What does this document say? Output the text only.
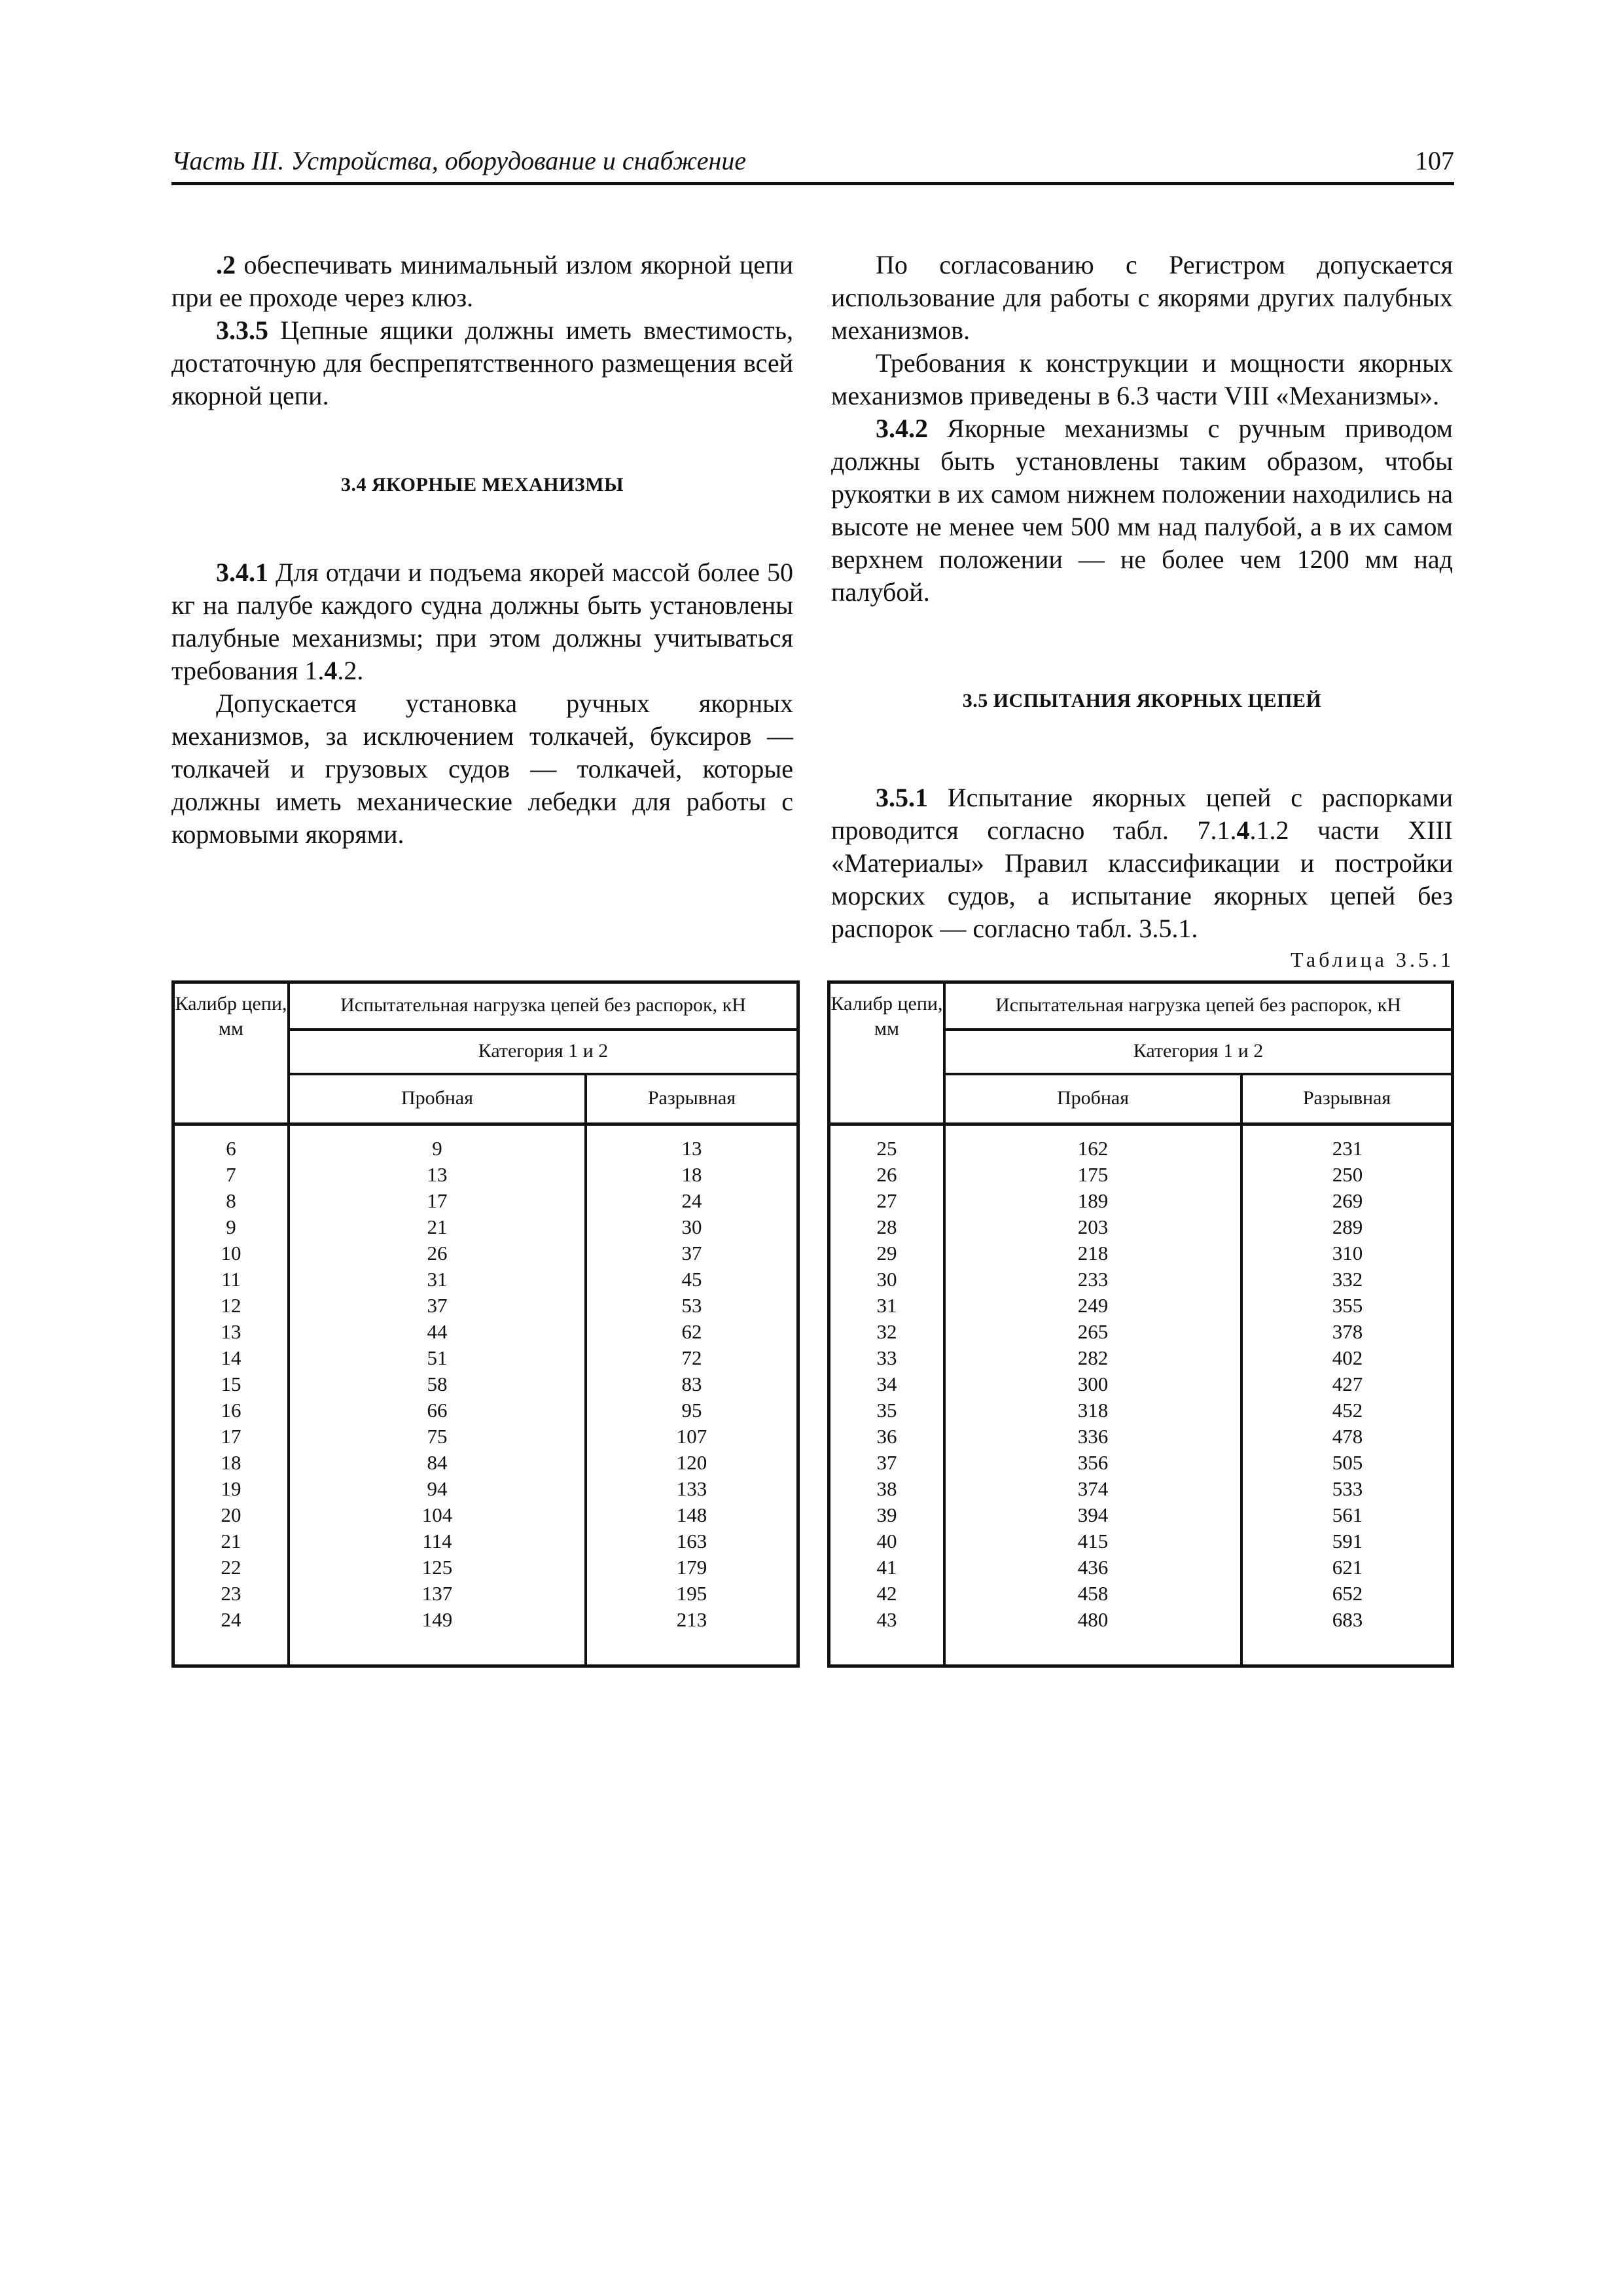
Часть III. Устройства, оборудование и снабжение	107

.2 обеспечивать минимальный излом якорной цепи при ее проходе через клюз.

3.3.5 Цепные ящики должны иметь вместимость, достаточную для беспрепятственного размещения всей якорной цепи.

3.4 ЯКОРНЫЕ МЕХАНИЗМЫ

3.4.1 Для отдачи и подъема якорей массой более 50 кг на палубе каждого судна должны быть установлены палубные механизмы; при этом должны учитываться требования 1.4.2.

Допускается установка ручных якорных механизмов, за исключением толкачей, буксиров — толкачей и грузовых судов — толкачей, которые должны иметь механические лебедки для работы с кормовыми якорями.

По согласованию с Регистром допускается использование для работы с якорями других палубных механизмов.

Требования к конструкции и мощности якорных механизмов приведены в 6.3 части VIII «Механизмы».

3.4.2 Якорные механизмы с ручным приводом должны быть установлены таким образом, чтобы рукоятки в их самом нижнем положении находились на высоте не менее чем 500 мм над палубой, а в их самом верхнем положении — не более чем 1200 мм над палубой.

3.5 ИСПЫТАНИЯ ЯКОРНЫХ ЦЕПЕЙ

3.5.1 Испытание якорных цепей с распорками проводится согласно табл. 7.1.4.1.2 части XIII «Материалы» Правил классификации и постройки морских судов, а испытание якорных цепей без распорок — согласно табл. 3.5.1.

Таблица 3.5.1
Калибр цепи, мм
Испытательная нагрузка цепей без распорок, кН
Категория 1 и 2
Пробная	Разрывная
6	9	13
7	13	18
8	17	24
9	21	30
10	26	37
11	31	45
12	37	53
13	44	62
14	51	72
15	58	83
16	66	95
17	75	107
18	84	120
19	94	133
20	104	148
21	114	163
22	125	179
23	137	195
24	149	213
Калибр цепи, мм
Испытательная нагрузка цепей без распорок, кН
Категория 1 и 2
Пробная	Разрывная
25	162	231
26	175	250
27	189	269
28	203	289
29	218	310
30	233	332
31	249	355
32	265	378
33	282	402
34	300	427
35	318	452
36	336	478
37	356	505
38	374	533
39	394	561
40	415	591
41	436	621
42	458	652
43	480	683
